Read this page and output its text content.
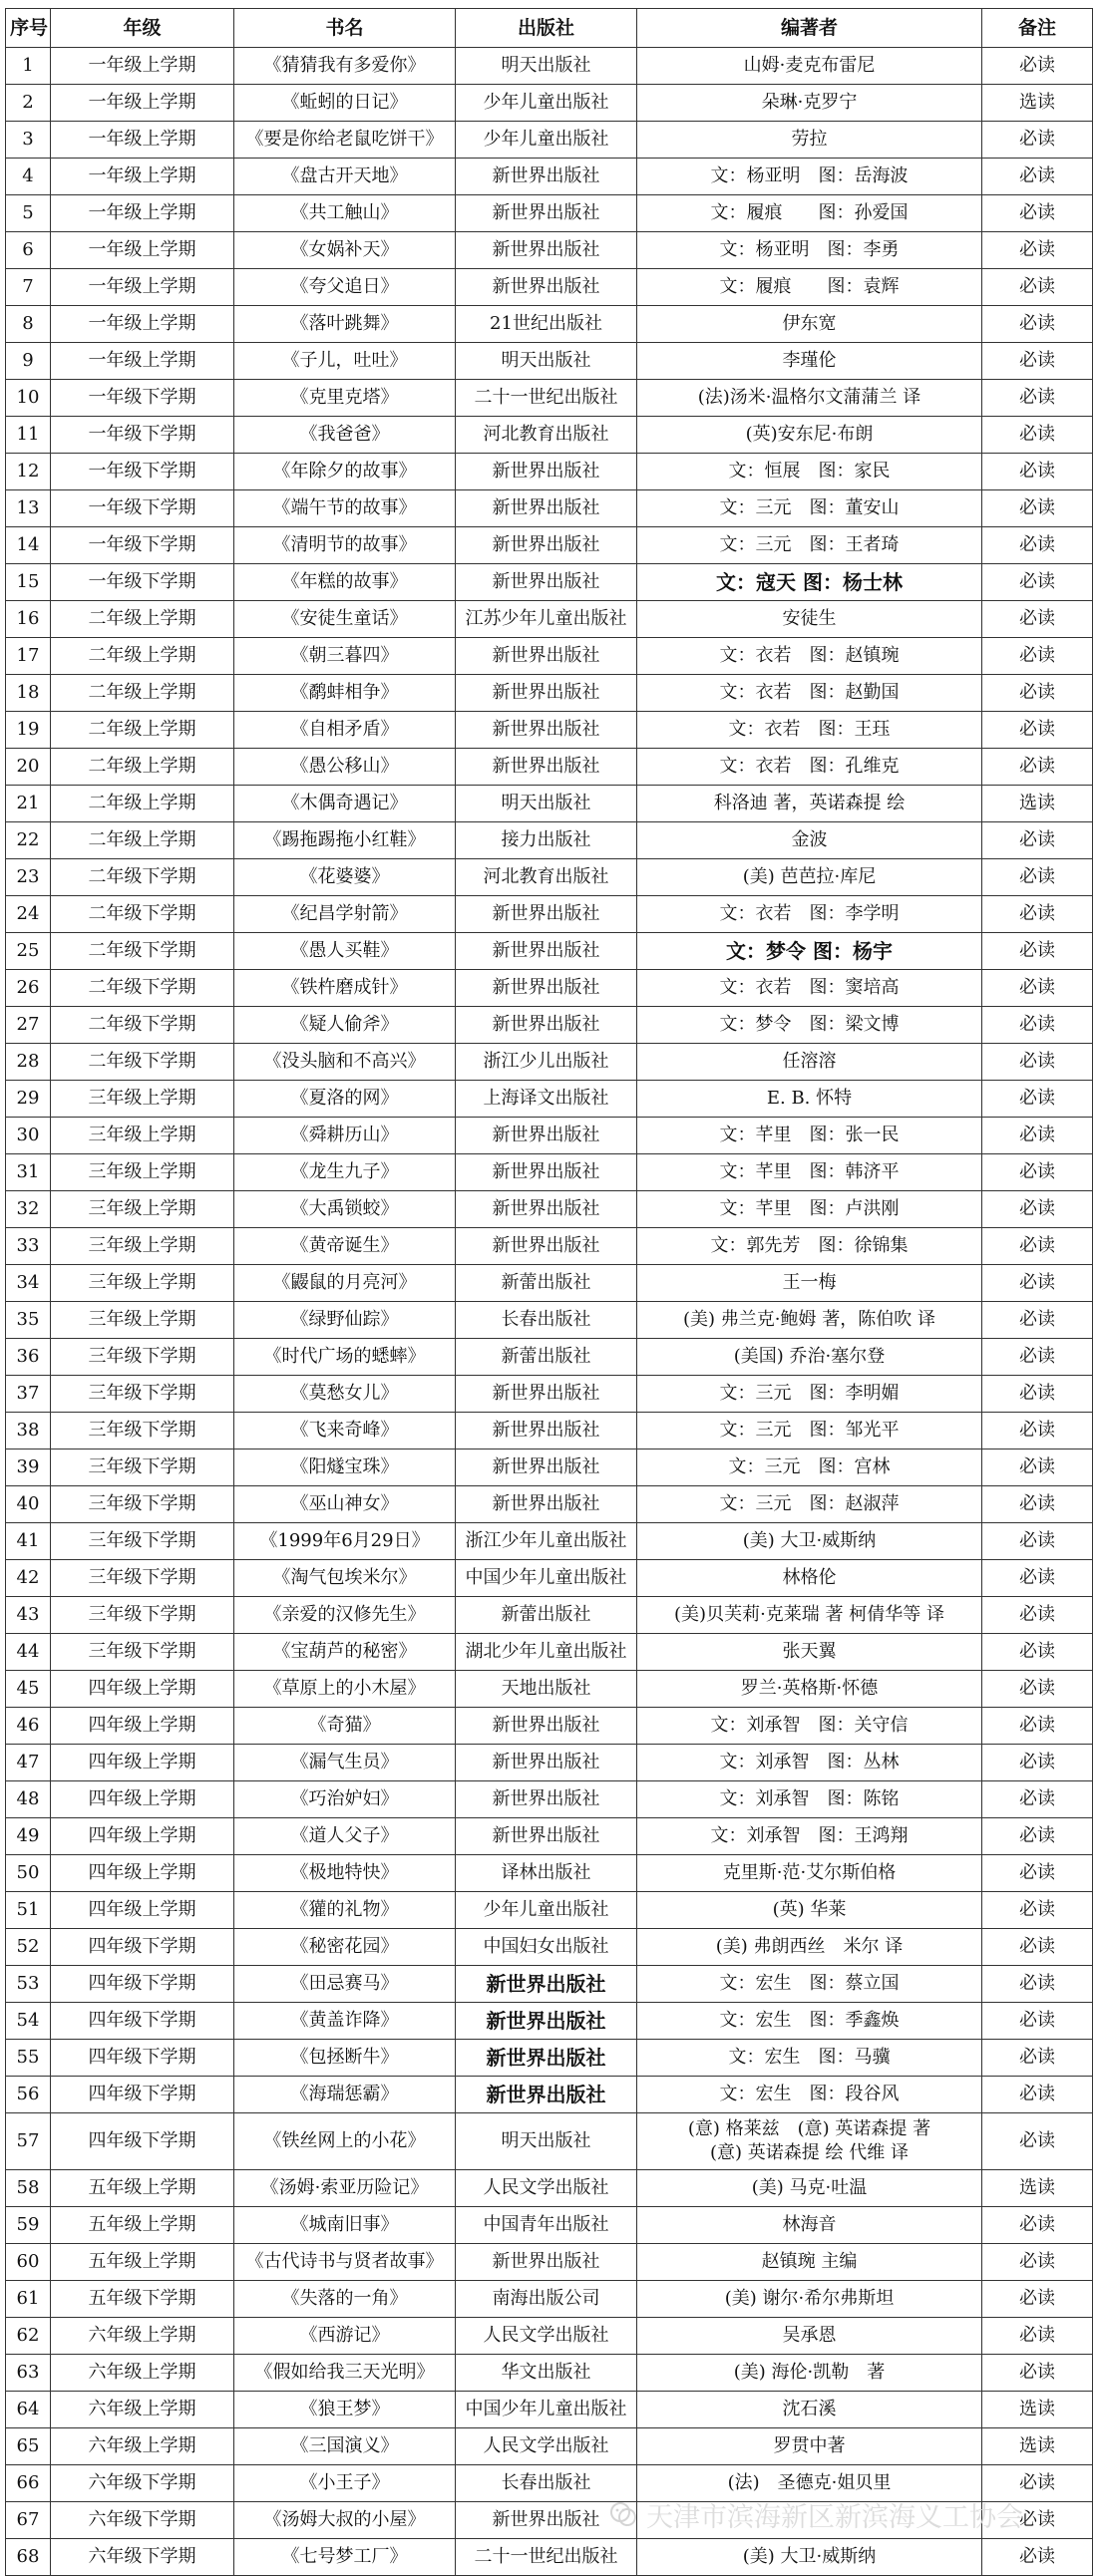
序号	年级	书名	出版社	编著者	备注
1	一年级上学期	《猜猜我有多爱你》	明天出版社	山姆·麦克布雷尼	必读
2	一年级上学期	《蚯蚓的日记》	少年儿童出版社	朵琳·克罗宁	选读
3	一年级上学期	《要是你给老鼠吃饼干》	少年儿童出版社	劳拉	必读
4	一年级上学期	《盘古开天地》	新世界出版社	文：杨亚明　图：岳海波	必读
5	一年级上学期	《共工触山》	新世界出版社	文：履痕　　图：孙爱国	必读
6	一年级上学期	《女娲补天》	新世界出版社	文：杨亚明　图：李勇	必读
7	一年级上学期	《夸父追日》	新世界出版社	文：履痕　　图：袁辉	必读
8	一年级上学期	《落叶跳舞》	21世纪出版社	伊东宽	必读
9	一年级上学期	《子儿，吐吐》	明天出版社	李瑾伦	必读
10	一年级下学期	《克里克塔》	二十一世纪出版社	(法)汤米·温格尔文蒲蒲兰 译	必读
11	一年级下学期	《我爸爸》	河北教育出版社	(英)安东尼·布朗	必读
12	一年级下学期	《年除夕的故事》	新世界出版社	文：恒展　图：家民	必读
13	一年级下学期	《端午节的故事》	新世界出版社	文：三元　图：董安山	必读
14	一年级下学期	《清明节的故事》	新世界出版社	文：三元　图：王者琦	必读
15	一年级下学期	《年糕的故事》	新世界出版社	文：寇天 图：杨士林	必读
16	二年级上学期	《安徒生童话》	江苏少年儿童出版社	安徒生	必读
17	二年级上学期	《朝三暮四》	新世界出版社	文：衣若　图：赵镇琬	必读
18	二年级上学期	《鹬蚌相争》	新世界出版社	文：衣若　图：赵勤国	必读
19	二年级上学期	《自相矛盾》	新世界出版社	文：衣若　图：王珏	必读
20	二年级上学期	《愚公移山》	新世界出版社	文：衣若　图：孔维克	必读
21	二年级上学期	《木偶奇遇记》	明天出版社	科洛迪 著，英诺森提 绘	选读
22	二年级上学期	《踢拖踢拖小红鞋》	接力出版社	金波	必读
23	二年级下学期	《花婆婆》	河北教育出版社	(美) 芭芭拉·库尼	必读
24	二年级下学期	《纪昌学射箭》	新世界出版社	文：衣若　图：李学明	必读
25	二年级下学期	《愚人买鞋》	新世界出版社	文：梦令 图：杨宇	必读
26	二年级下学期	《铁杵磨成针》	新世界出版社	文：衣若　图：窦培高	必读
27	二年级下学期	《疑人偷斧》	新世界出版社	文：梦令　图：梁文博	必读
28	二年级下学期	《没头脑和不高兴》	浙江少儿出版社	任溶溶	必读
29	三年级上学期	《夏洛的网》	上海译文出版社	E. B. 怀特	必读
30	三年级上学期	《舜耕历山》	新世界出版社	文：芊里　图：张一民	必读
31	三年级上学期	《龙生九子》	新世界出版社	文：芊里　图：韩济平	必读
32	三年级上学期	《大禹锁蛟》	新世界出版社	文：芊里　图：卢洪刚	必读
33	三年级上学期	《黄帝诞生》	新世界出版社	文：郭先芳　图：徐锦集	必读
34	三年级上学期	《鼹鼠的月亮河》	新蕾出版社	王一梅	必读
35	三年级上学期	《绿野仙踪》	长春出版社	(美) 弗兰克·鲍姆 著，陈伯吹 译	必读
36	三年级下学期	《时代广场的蟋蟀》	新蕾出版社	(美国) 乔治·塞尔登	必读
37	三年级下学期	《莫愁女儿》	新世界出版社	文：三元　图：李明媚	必读
38	三年级下学期	《飞来奇峰》	新世界出版社	文：三元　图：邹光平	必读
39	三年级下学期	《阳燧宝珠》	新世界出版社	文：三元　图：宫林	必读
40	三年级下学期	《巫山神女》	新世界出版社	文：三元　图：赵淑萍	必读
41	三年级下学期	《1999年6月29日》	浙江少年儿童出版社	(美) 大卫·威斯纳	必读
42	三年级下学期	《淘气包埃米尔》	中国少年儿童出版社	林格伦	必读
43	三年级下学期	《亲爱的汉修先生》	新蕾出版社	(美)贝芙莉·克莱瑞 著 柯倩华等 译	必读
44	三年级下学期	《宝葫芦的秘密》	湖北少年儿童出版社	张天翼	必读
45	四年级上学期	《草原上的小木屋》	天地出版社	罗兰·英格斯·怀德	必读
46	四年级上学期	《奇猫》	新世界出版社	文：刘承智　图：关守信	必读
47	四年级上学期	《漏气生员》	新世界出版社	文：刘承智　图：丛林	必读
48	四年级上学期	《巧治妒妇》	新世界出版社	文：刘承智　图：陈铭	必读
49	四年级上学期	《道人父子》	新世界出版社	文：刘承智　图：王鸿翔	必读
50	四年级上学期	《极地特快》	译林出版社	克里斯·范·艾尔斯伯格	必读
51	四年级上学期	《獾的礼物》	少年儿童出版社	(英) 华莱	必读
52	四年级下学期	《秘密花园》	中国妇女出版社	(美) 弗朗西丝　米尔 译	必读
53	四年级下学期	《田忌赛马》	新世界出版社	文：宏生　图：蔡立国	必读
54	四年级下学期	《黄盖诈降》	新世界出版社	文：宏生　图：季鑫焕	必读
55	四年级下学期	《包拯断牛》	新世界出版社	文：宏生　图：马骥	必读
56	四年级下学期	《海瑞惩霸》	新世界出版社	文：宏生　图：段谷风	必读
57	四年级下学期	《铁丝网上的小花》	明天出版社	(意) 格莱兹　(意) 英诺森提 著
(意) 英诺森提 绘 代维 译	必读
58	五年级上学期	《汤姆·索亚历险记》	人民文学出版社	(美) 马克·吐温	选读
59	五年级上学期	《城南旧事》	中国青年出版社	林海音	必读
60	五年级上学期	《古代诗书与贤者故事》	新世界出版社	赵镇琬 主编	必读
61	五年级下学期	《失落的一角》	南海出版公司	(美) 谢尔·希尔弗斯坦	必读
62	六年级上学期	《西游记》	人民文学出版社	吴承恩	必读
63	六年级上学期	《假如给我三天光明》	华文出版社	(美) 海伦·凯勒　著	必读
64	六年级上学期	《狼王梦》	中国少年儿童出版社	沈石溪	选读
65	六年级上学期	《三国演义》	人民文学出版社	罗贯中著	选读
66	六年级下学期	《小王子》	长春出版社	(法)　圣德克·姐贝里	必读
67	六年级下学期	《汤姆大叔的小屋》	新世界出版社		必读
68	六年级下学期	《七号梦工厂》	二十一世纪出版社	(美) 大卫·威斯纳	必读
天津市滨海新区新滨海义工协会
